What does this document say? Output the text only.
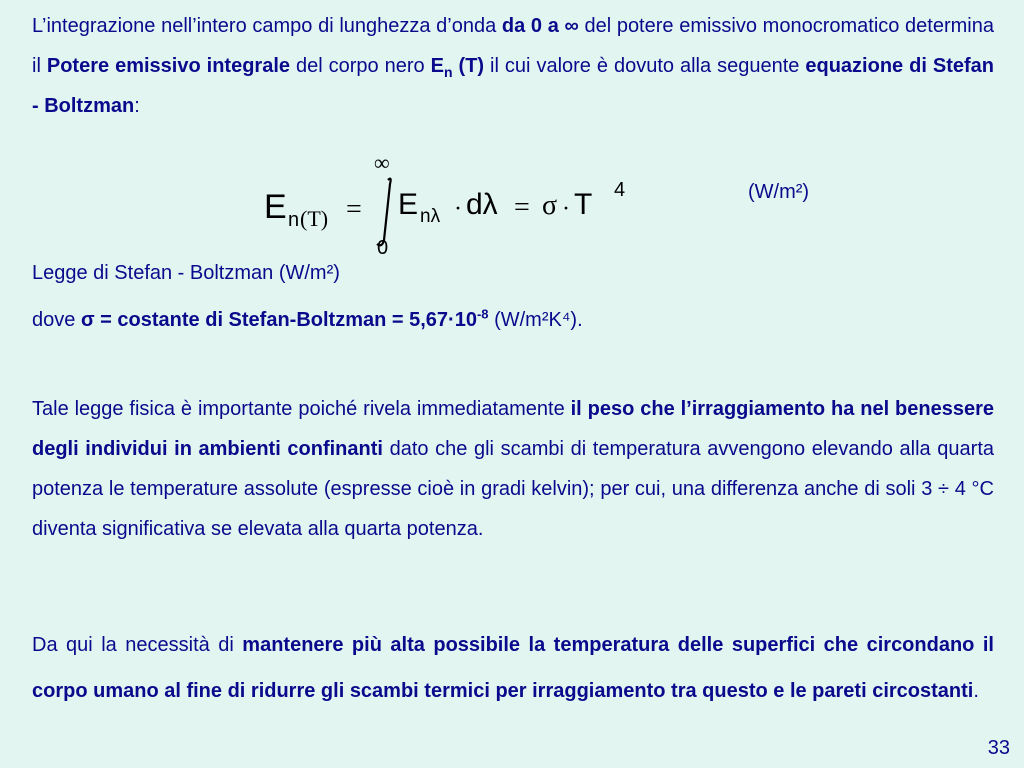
L’integrazione nell’intero campo di lunghezza d’onda da 0 a ∞ del potere emissivo monocromatico determina il Potere emissivo integrale del corpo nero $E_n$ (T) il cui valore è dovuto alla seguente equazione di Stefan - Boltzman:
E n (T) =
∞
0
E nλ · dλ = σ · T 4	(W/m²)
Legge di Stefan - Boltzman (W/m²)
dove σ = costante di Stefan-Boltzman = $5,67\cdot 10^{-8}$ (W/m²K⁴).
Tale legge fisica è importante poiché rivela immediatamente il peso che l’irraggiamento ha nel benessere degli individui in ambienti confinanti dato che gli scambi di temperatura avvengono elevando alla quarta potenza le temperature assolute (espresse cioè in gradi kelvin); per cui, una differenza anche di soli 3 ÷ 4 °C diventa significativa se elevata alla quarta potenza.
Da qui la necessità di mantenere più alta possibile la temperatura delle superfici che circondano il corpo umano al fine di ridurre gli scambi termici per irraggiamento tra questo e le pareti circostanti.
33
